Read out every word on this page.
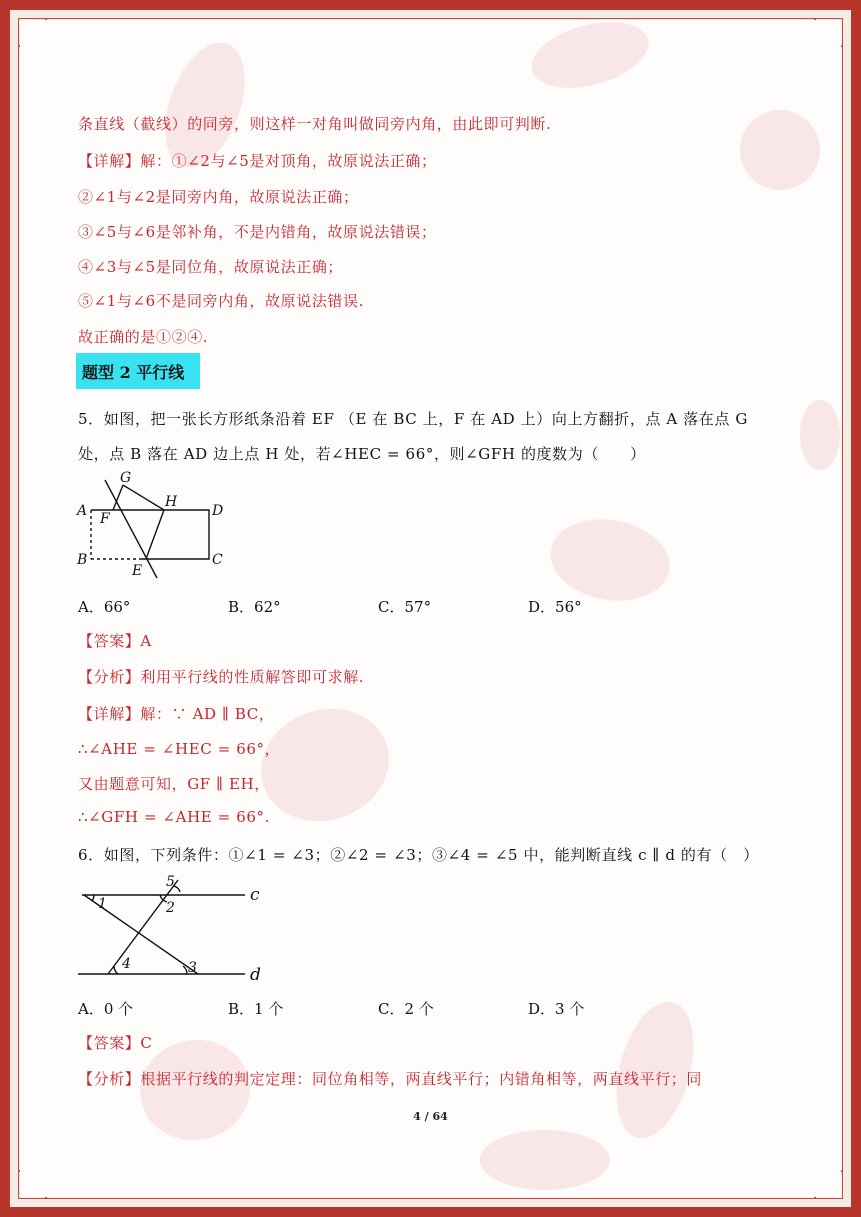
条直线（截线）的同旁，则这样一对角叫做同旁内角，由此即可判断.
【详解】解：①∠2与∠5是对顶角，故原说法正确；
②∠1与∠2是同旁内角，故原说法正确；
③∠5与∠6是邻补角，不是内错角，故原说法错误；
④∠3与∠5是同位角，故原说法正确；
⑤∠1与∠6不是同旁内角，故原说法错误.
故正确的是①②④.
题型 2 平行线
5．如图，把一张长方形纸条沿着 EF （E 在 BC 上，F 在 AD 上）向上方翻折，点 A 落在点 G
处，点 B 落在 AD 边上点 H 处，若∠HEC = 66°，则∠GFH 的度数为（　　）
G
H
A F	D
B
E
C
A．66°	B．62°	C．57°	D．56°
【答案】A
【分析】利用平行线的性质解答即可求解.
【详解】解：∵ AD ∥ BC，
∴∠AHE = ∠HEC = 66°，
又由题意可知，GF ∥ EH，
∴∠GFH = ∠AHE = 66°.
6．如图，下列条件：①∠1 = ∠3；②∠2 = ∠3；③∠4 = ∠5 中，能判断直线 c ∥ d 的有（　）
1	2
5
4	3
c
d
A．0 个	B．1 个	C．2 个	D．3 个
【答案】C
【分析】根据平行线的判定定理：同位角相等，两直线平行；内错角相等，两直线平行；同
4 / 64
